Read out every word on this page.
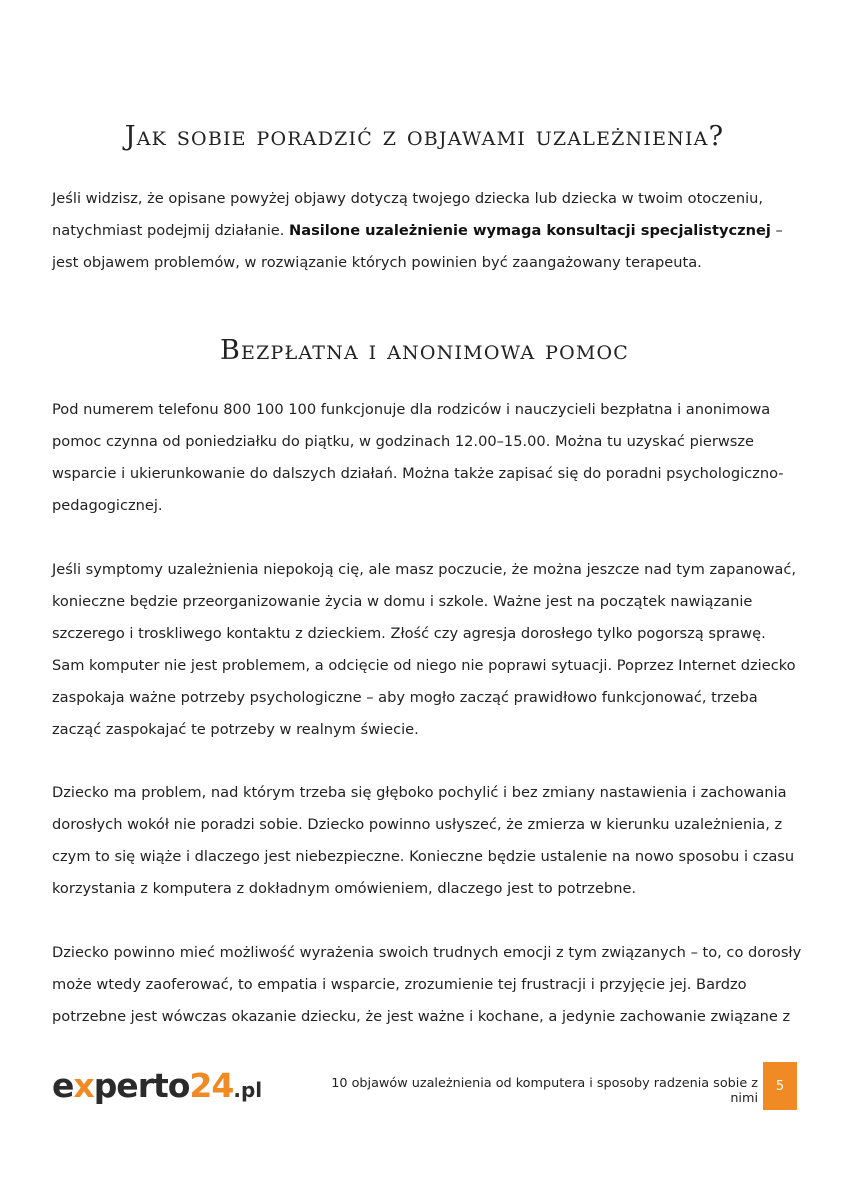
Jak sobie poradzić z objawami uzależnienia?

Jeśli widzisz, że opisane powyżej objawy dotyczą twojego dziecka lub dziecka w twoim otoczeniu, natychmiast podejmij działanie. Nasilone uzależnienie wymaga konsultacji specjalistycznej – jest objawem problemów, w rozwiązanie których powinien być zaangażowany terapeuta.

Bezpłatna i anonimowa pomoc

Pod numerem telefonu 800 100 100 funkcjonuje dla rodziców i nauczycieli bezpłatna i anonimowa pomoc czynna od poniedziałku do piątku, w godzinach 12.00–15.00. Można tu uzyskać pierwsze wsparcie i ukierunkowanie do dalszych działań. Można także zapisać się do poradni psychologiczno-pedagogicznej.

Jeśli symptomy uzależnienia niepokoją cię, ale masz poczucie, że można jeszcze nad tym zapanować, konieczne będzie przeorganizowanie życia w domu i szkole. Ważne jest na początek nawiązanie szczerego i troskliwego kontaktu z dzieckiem. Złość czy agresja dorosłego tylko pogorszą sprawę. Sam komputer nie jest problemem, a odcięcie od niego nie poprawi sytuacji. Poprzez Internet dziecko zaspokaja ważne potrzeby psychologiczne – aby mogło zacząć prawidłowo funkcjonować, trzeba zacząć zaspokajać te potrzeby w realnym świecie.

Dziecko ma problem, nad którym trzeba się głęboko pochylić i bez zmiany nastawienia i zachowania dorosłych wokół nie poradzi sobie. Dziecko powinno usłyszeć, że zmierza w kierunku uzależnienia, z czym to się wiąże i dlaczego jest niebezpieczne. Konieczne będzie ustalenie na nowo sposobu i czasu korzystania z komputera z dokładnym omówieniem, dlaczego jest to potrzebne.

Dziecko powinno mieć możliwość wyrażenia swoich trudnych emocji z tym związanych – to, co dorosły może wtedy zaoferować, to empatia i wsparcie, zrozumienie tej frustracji i przyjęcie jej. Bardzo potrzebne jest wówczas okazanie dziecku, że jest ważne i kochane, a jedynie zachowanie związane z

experto24.pl	10 objawów uzależnienia od komputera i sposoby radzenia sobie z nimi
5
